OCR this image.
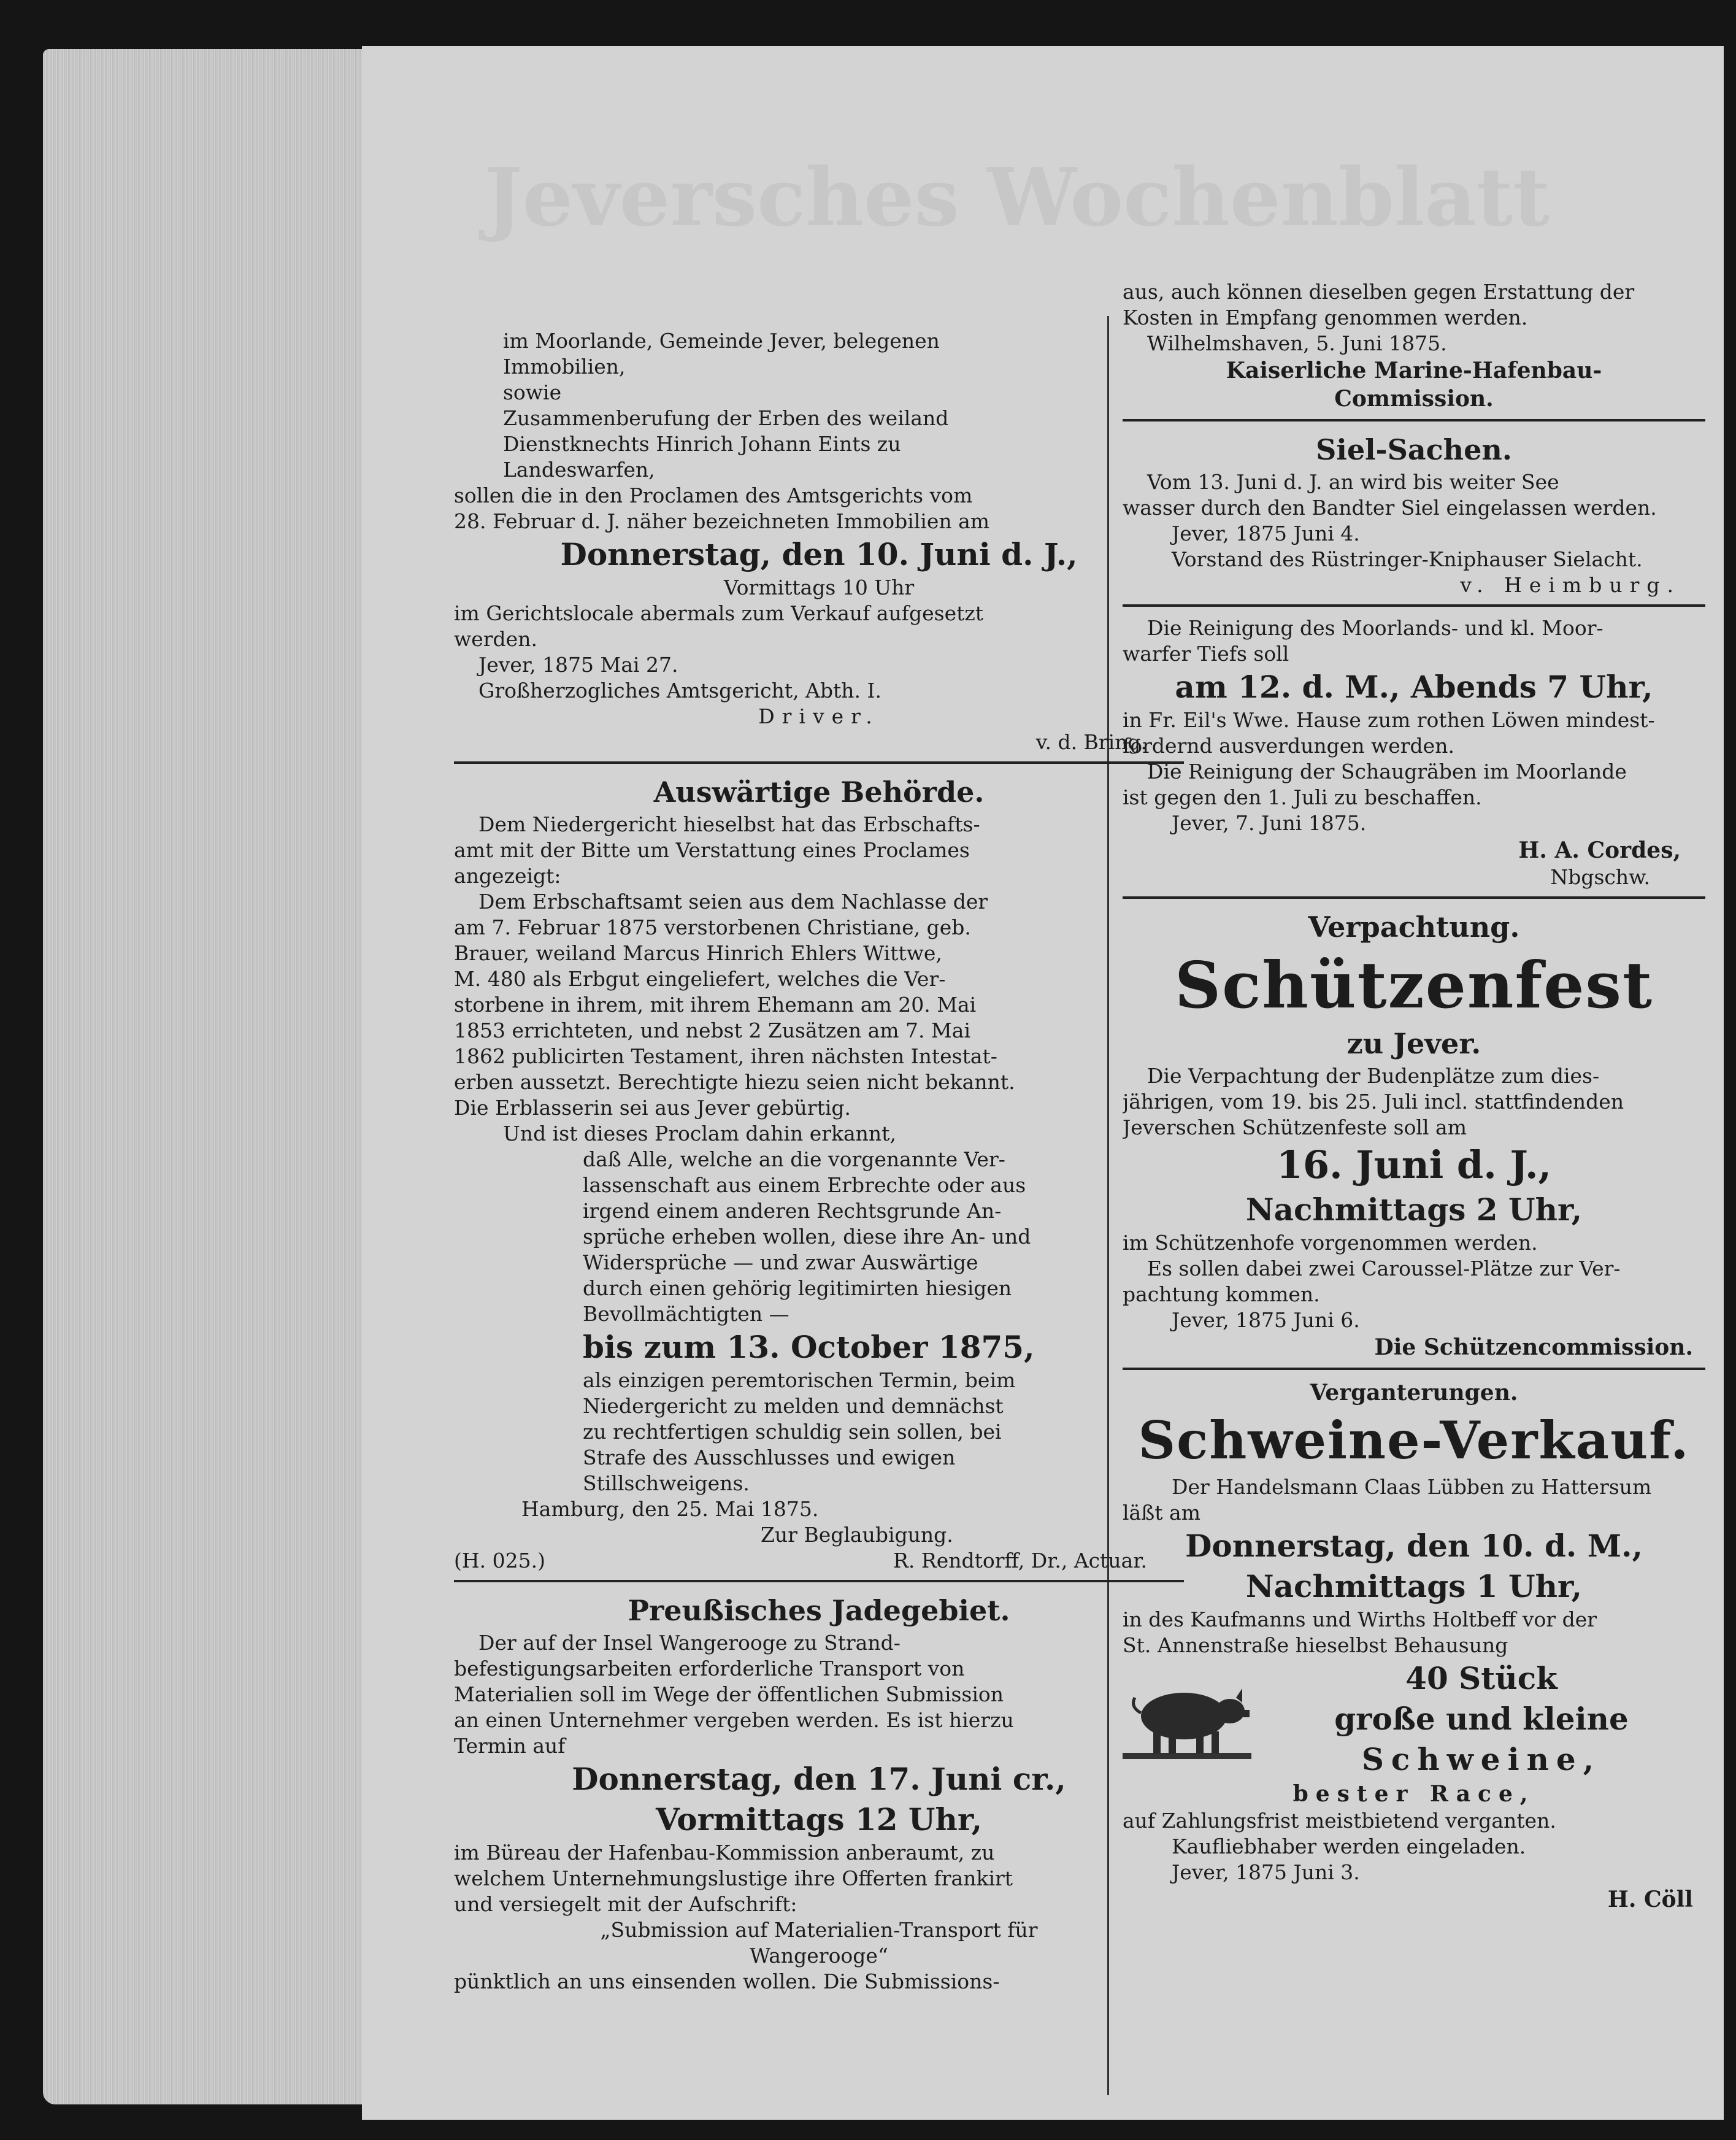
Jeversches Wochenblatt
im Moorlande, Gemeinde Jever, belegenen
Immobilien,
sowie
Zusammenberufung der Erben des weiland
Dienstknechts Hinrich Johann Eints zu
Landeswarfen,
sollen die in den Proclamen des Amtsgerichts vom
28. Februar d. J. näher bezeichneten Immobilien am
Donnerstag, den 10. Juni d. J.,
Vormittags 10 Uhr
im Gerichtslocale abermals zum Verkauf aufgesetzt
werden.
Jever, 1875 Mai 27.
Großherzogliches Amtsgericht, Abth. I.
Driver.
v. d. Bring.
Auswärtige Behörde.
Dem Niedergericht hieselbst hat das Erbschafts-
amt mit der Bitte um Verstattung eines Proclames
angezeigt:
Dem Erbschaftsamt seien aus dem Nachlasse der
am 7. Februar 1875 verstorbenen Christiane, geb.
Brauer, weiland Marcus Hinrich Ehlers Wittwe,
M. 480 als Erbgut eingeliefert, welches die Ver-
storbene in ihrem, mit ihrem Ehemann am 20. Mai
1853 errichteten, und nebst 2 Zusätzen am 7. Mai
1862 publicirten Testament, ihren nächsten Intestat-
erben aussetzt. Berechtigte hiezu seien nicht bekannt.
Die Erblasserin sei aus Jever gebürtig.
Und ist dieses Proclam dahin erkannt,
daß Alle, welche an die vorgenannte Ver-
lassenschaft aus einem Erbrechte oder aus
irgend einem anderen Rechtsgrunde An-
sprüche erheben wollen, diese ihre An- und
Widersprüche — und zwar Auswärtige
durch einen gehörig legitimirten hiesigen
Bevollmächtigten —
bis zum 13. October 1875,
als einzigen peremtorischen Termin, beim
Niedergericht zu melden und demnächst
zu rechtfertigen schuldig sein sollen, bei
Strafe des Ausschlusses und ewigen
Stillschweigens.
Hamburg, den 25. Mai 1875.
Zur Beglaubigung.
(H. 025.)	R. Rendtorff, Dr., Actuar.
Preußisches Jadegebiet.
Der auf der Insel Wangerooge zu Strand-
befestigungsarbeiten erforderliche Transport von
Materialien soll im Wege der öffentlichen Submission
an einen Unternehmer vergeben werden. Es ist hierzu
Termin auf
Donnerstag, den 17. Juni cr.,
Vormittags 12 Uhr,
im Büreau der Hafenbau-Kommission anberaumt, zu
welchem Unternehmungslustige ihre Offerten frankirt
und versiegelt mit der Aufschrift:
„Submission auf Materialien-Transport für
Wangerooge“
pünktlich an uns einsenden wollen. Die Submissions-
aus, auch können dieselben gegen Erstattung der
Kosten in Empfang genommen werden.
Wilhelmshaven, 5. Juni 1875.
Kaiserliche Marine-Hafenbau-
Commission.
Siel-Sachen.
Vom 13. Juni d. J. an wird bis weiter See
wasser durch den Bandter Siel eingelassen werden.
Jever, 1875 Juni 4.
Vorstand des Rüstringer-Kniphauser Sielacht.
v. Heimburg.
Die Reinigung des Moorlands- und kl. Moor-
warfer Tiefs soll
am 12. d. M., Abends 7 Uhr,
in Fr. Eil's Wwe. Hause zum rothen Löwen mindest-
fordernd ausverdungen werden.
Die Reinigung der Schaugräben im Moorlande
ist gegen den 1. Juli zu beschaffen.
Jever, 7. Juni 1875.
H. A. Cordes,
Nbgschw.
Verpachtung.
Schützenfest
zu Jever.
Die Verpachtung der Budenplätze zum dies-
jährigen, vom 19. bis 25. Juli incl. stattfindenden
Jeverschen Schützenfeste soll am
16. Juni d. J.,
Nachmittags 2 Uhr,
im Schützenhofe vorgenommen werden.
Es sollen dabei zwei Caroussel-Plätze zur Ver-
pachtung kommen.
Jever, 1875 Juni 6.
Die Schützencommission.
Verganterungen.
Schweine-Verkauf.
Der Handelsmann Claas Lübben zu Hattersum
läßt am
Donnerstag, den 10. d. M.,
Nachmittags 1 Uhr,
in des Kaufmanns und Wirths Holtbeff vor der
St. Annenstraße hieselbst Behausung
40 Stück
große und kleine
Schweine,
bester Race,
auf Zahlungsfrist meistbietend verganten.
Kaufliebhaber werden eingeladen.
Jever, 1875 Juni 3.
H. Cöll
